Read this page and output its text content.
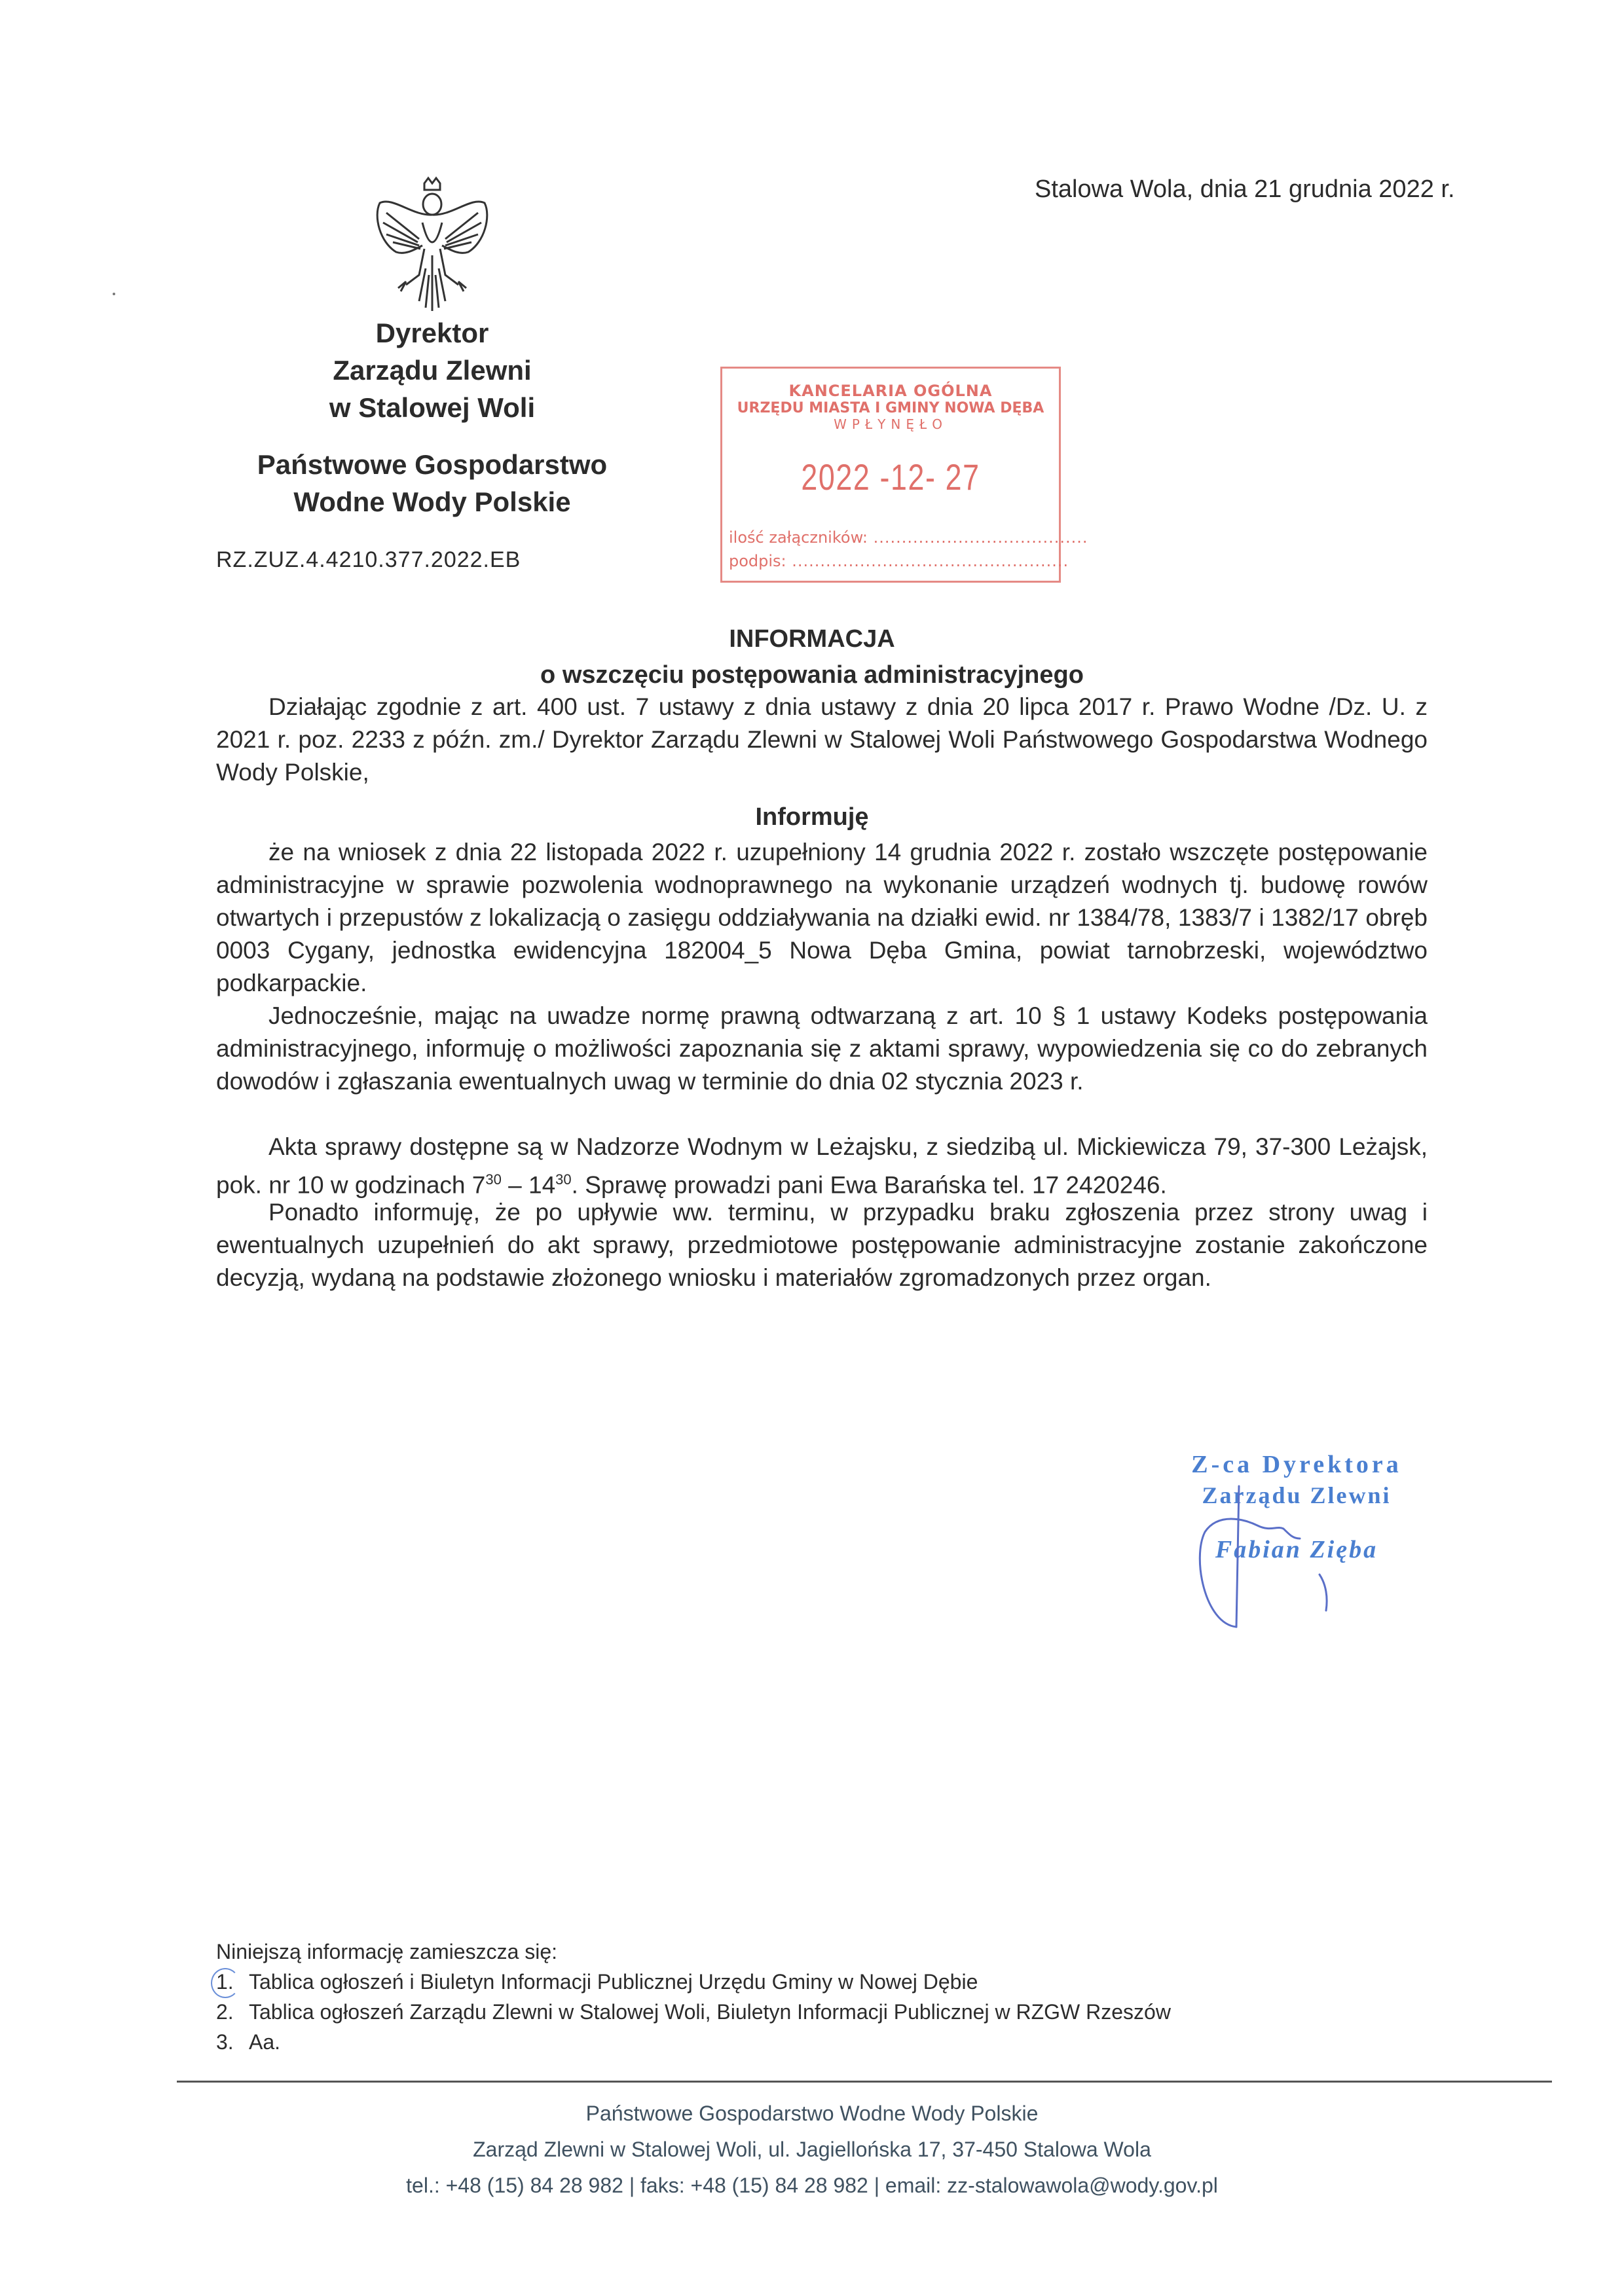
Stalowa Wola, dnia 21 grudnia 2022 r.
Dyrektor
Zarządu Zlewni
w Stalowej Woli
Państwowe Gospodarstwo
Wodne Wody Polskie
RZ.ZUZ.4.4210.377.2022.EB
KANCELARIA OGÓLNA
URZĘDU MIASTA I GMINY NOWA DĘBA
WPŁYNĘŁO
2022 -12- 27
ilość załączników: ......................................
podpis: .................................................
INFORMACJA
o wszczęciu postępowania administracyjnego
Działając zgodnie z art. 400 ust. 7 ustawy z dnia ustawy z dnia 20 lipca 2017 r. Prawo Wodne /Dz. U. z 2021 r. poz. 2233 z późn. zm./ Dyrektor Zarządu Zlewni w Stalowej Woli Państwowego Gospodarstwa Wodnego Wody Polskie,
Informuję
że na wniosek z dnia 22 listopada 2022 r. uzupełniony 14 grudnia 2022 r. zostało wszczęte postępowanie administracyjne w sprawie pozwolenia wodnoprawnego na wykonanie urządzeń wodnych tj. budowę rowów otwartych i przepustów z lokalizacją o zasięgu oddziaływania na działki ewid. nr 1384/78, 1383/7 i 1382/17 obręb 0003 Cygany, jednostka ewidencyjna 182004_5 Nowa Dęba Gmina, powiat tarnobrzeski, województwo podkarpackie.
Jednocześnie, mając na uwadze normę prawną odtwarzaną z art. 10 § 1 ustawy Kodeks postępowania administracyjnego, informuję o możliwości zapoznania się z aktami sprawy, wypowiedzenia się co do zebranych dowodów i zgłaszania ewentualnych uwag w terminie do dnia 02 stycznia 2023 r.
Akta sprawy dostępne są w Nadzorze Wodnym w Leżajsku, z siedzibą ul. Mickiewicza 79, 37-300 Leżajsk, pok. nr 10 w godzinach $7^{30} - 14^{30}$. Sprawę prowadzi pani Ewa Barańska tel. 17 2420246.
Ponadto informuję, że po upływie ww. terminu, w przypadku braku zgłoszenia przez strony uwag i ewentualnych uzupełnień do akt sprawy, przedmiotowe postępowanie administracyjne zostanie zakończone decyzją, wydaną na podstawie złożonego wniosku i materiałów zgromadzonych przez organ.
Z-ca Dyrektora
Zarządu Zlewni
Fabian Zięba
Niniejszą informację zamieszcza się:
1. Tablica ogłoszeń i Biuletyn Informacji Publicznej Urzędu Gminy w Nowej Dębie
2. Tablica ogłoszeń Zarządu Zlewni w Stalowej Woli, Biuletyn Informacji Publicznej w RZGW Rzeszów
3. Aa.
Państwowe Gospodarstwo Wodne Wody Polskie
Zarząd Zlewni w Stalowej Woli, ul. Jagiellońska 17, 37-450 Stalowa Wola
tel.: +48 (15) 84 28 982 | faks: +48 (15) 84 28 982 | email: zz-stalowawola@wody.gov.pl
